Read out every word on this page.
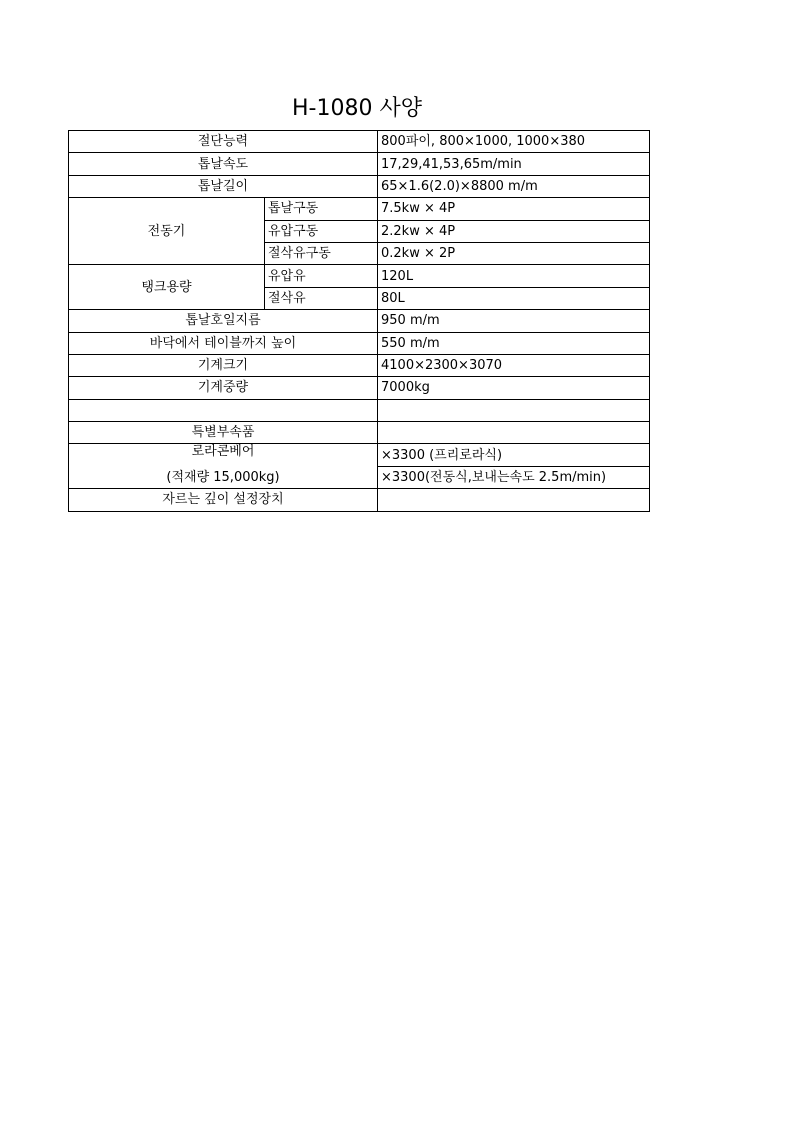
H-1080 사양
절단능력		800파이, 800×1000, 1000×380
톱날속도		17,29,41,53,65m/min
톱날길이		65×1.6(2.0)×8800 m/m
전동기	톱날구동	7.5kw × 4P
	유압구동	2.2kw × 4P
	절삭유구동	0.2kw × 2P
탱크용량	유압유	120L
	절삭유	80L
톱날호일지름		950 m/m
바닥에서 테이블까지 높이		550 m/m
기계크기		4100×2300×3070
기계중량		7000kg

특별부속품		
로라콘베어		×3300 (프리로라식)
(적재량 15,000kg)		×3300(전동식,보내는속도 2.5m/min)
자르는 깊이 설정장치		
